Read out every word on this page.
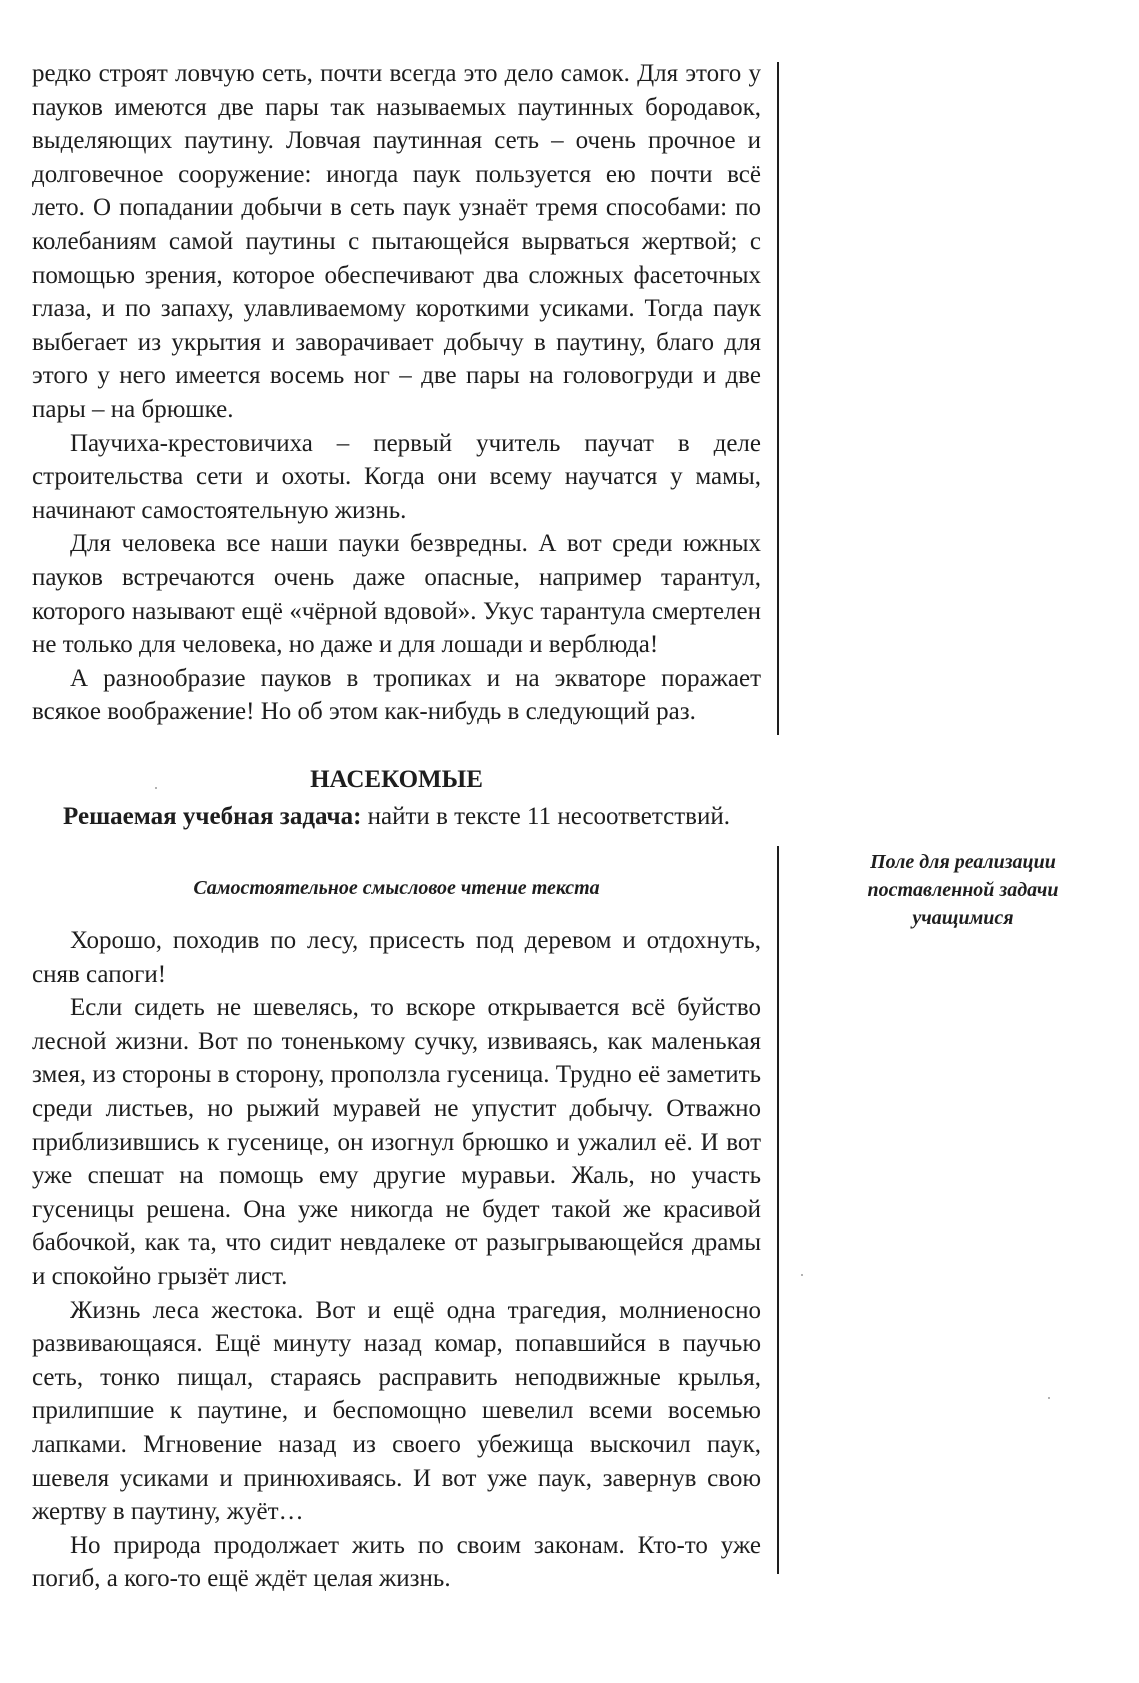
редко строят ловчую сеть, почти всегда это дело самок. Для этого у пауков имеются две пары так называемых паутинных бородавок, выделяющих паутину. Ловчая паутинная сеть – очень прочное и долговечное сооружение: иногда паук пользуется ею почти всё лето. О попадании добычи в сеть паук узнаёт тремя способами: по колебаниям самой паутины с пытающейся вырваться жертвой; с помощью зрения, которое обеспечивают два сложных фасеточных глаза, и по запаху, улавливаемому короткими усиками. Тогда паук выбегает из укрытия и заворачивает добычу в паутину, благо для этого у него имеется восемь ног – две пары на головогруди и две пары – на брюшке.

Паучиха-крестовичиха – первый учитель паучат в деле строительства сети и охоты. Когда они всему научатся у мамы, начинают самостоятельную жизнь.

Для человека все наши пауки безвредны. А вот среди южных пауков встречаются очень даже опасные, например тарантул, которого называют ещё «чёрной вдовой». Укус тарантула смертелен не только для человека, но даже и для лошади и верблюда!

А разнообразие пауков в тропиках и на экваторе поражает всякое воображение! Но об этом как-нибудь в следующий раз.

НАСЕКОМЫЕ

Решаемая учебная задача: найти в тексте 11 несоответствий.

Самостоятельное смысловое чтение текста

Поле для реализации
поставленной задачи
учащимися

Хорошо, походив по лесу, присесть под деревом и отдохнуть, сняв сапоги!

Если сидеть не шевелясь, то вскоре открывается всё буйство лесной жизни. Вот по тоненькому сучку, извиваясь, как маленькая змея, из стороны в сторону, проползла гусеница. Трудно её заметить среди листьев, но рыжий муравей не упустит добычу. Отважно приблизившись к гусенице, он изогнул брюшко и ужалил её. И вот уже спешат на помощь ему другие муравьи. Жаль, но участь гусеницы решена. Она уже никогда не будет такой же красивой бабочкой, как та, что сидит невдалеке от разыгрывающейся драмы и спокойно грызёт лист.

Жизнь леса жестока. Вот и ещё одна трагедия, молниеносно развивающаяся. Ещё минуту назад комар, попавшийся в паучью сеть, тонко пищал, стараясь расправить неподвижные крылья, прилипшие к паутине, и беспомощно шевелил всеми восемью лапками. Мгновение назад из своего убежища выскочил паук, шевеля усиками и принюхиваясь. И вот уже паук, завернув свою жертву в паутину, жуёт…

Но природа продолжает жить по своим законам. Кто-то уже погиб, а кого-то ещё ждёт целая жизнь.
